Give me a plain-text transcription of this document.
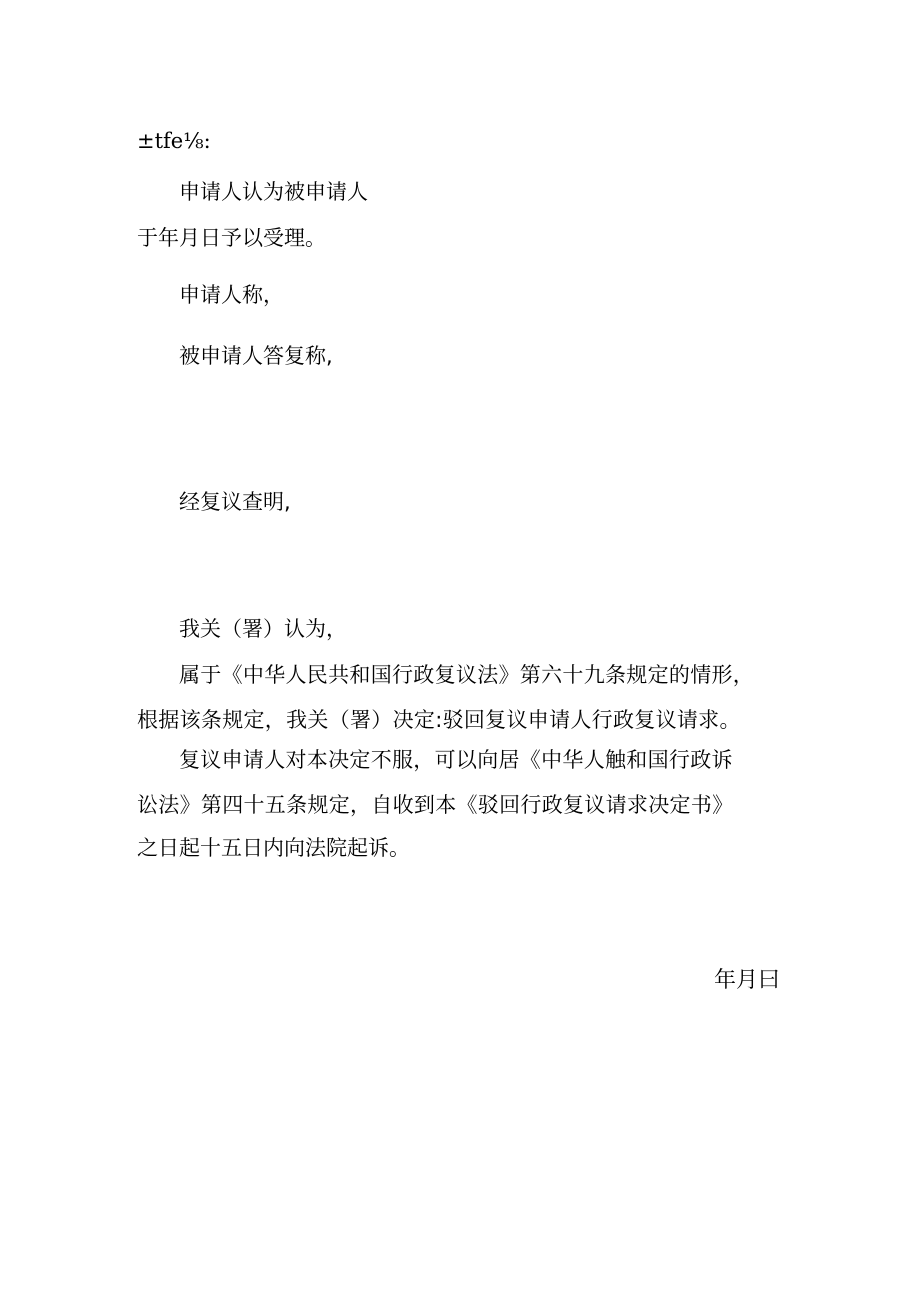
±tfe⅛:
申请人认为被申请人
于年月日予以受理。
申请人称，
被申请人答复称,
经复议查明,
我关（署）认为，
属于《中华人民共和国行政复议法》第六十九条规定的情形，
根据该条规定，我关（署）决定:驳回复议申请人行政复议请求。
复议申请人对本决定不服，可以向居《中华人触和国行政诉
讼法》第四十五条规定，自收到本《驳回行政复议请求决定书》
之日起十五日内向法院起诉。
年月曰
